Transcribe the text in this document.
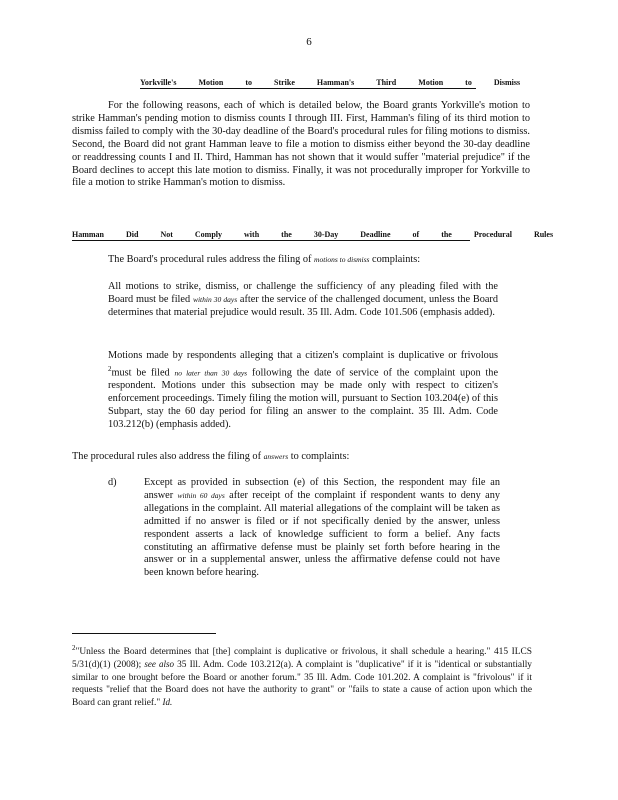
6
Yorkville's	Motion	to	Strike	Hamman's	Third	Motion	to	Dismiss
For the following reasons, each of which is detailed below, the Board grants Yorkville's motion to strike Hamman's pending motion to dismiss counts I through III. First, Hamman's filing of its third motion to dismiss failed to comply with the 30-day deadline of the Board's procedural rules for filing motions to dismiss. Second, the Board did not grant Hamman leave to file a motion to dismiss either beyond the 30-day deadline or readdressing counts I and II. Third, Hamman has not shown that it would suffer "material prejudice" if the Board declines to accept this late motion to dismiss. Finally, it was not procedurally improper for Yorkville to file a motion to strike Hamman's motion to dismiss.
Hamman	Did	Not	Comply	with	the	30-Day	Deadline	of	the	Procedural	Rules
The Board's procedural rules address the filing of motions to dismiss complaints:
All motions to strike, dismiss, or challenge the sufficiency of any pleading filed with the Board must be filed within 30 days after the service of the challenged document, unless the Board determines that material prejudice would result. 35 Ill. Adm. Code 101.506 (emphasis added).
Motions made by respondents alleging that a citizen's complaint is duplicative or frivolous $^2$must be filed no later than 30 days following the date of service of the complaint upon the respondent. Motions under this subsection may be made only with respect to citizen's enforcement proceedings. Timely filing the motion will, pursuant to Section 103.204(e) of this Subpart, stay the 60 day period for filing an answer to the complaint. 35 Ill. Adm. Code 103.212(b) (emphasis added).
The procedural rules also address the filing of answers to complaints:
d)	Except as provided in subsection (e) of this Section, the respondent may file an answer within 60 days after receipt of the complaint if respondent wants to deny any allegations in the complaint. All material allegations of the complaint will be taken as admitted if no answer is filed or if not specifically denied by the answer, unless respondent asserts a lack of knowledge sufficient to form a belief. Any facts constituting an affirmative defense must be plainly set forth before hearing in the answer or in a supplemental answer, unless the affirmative defense could not have been known before hearing.
$^2$"Unless the Board determines that [the] complaint is duplicative or frivolous, it shall schedule a hearing." 415 ILCS 5/31(d)(1) (2008); see also 35 Ill. Adm. Code 103.212(a). A complaint is "duplicative" if it is "identical or substantially similar to one brought before the Board or another forum." 35 Ill. Adm. Code 101.202. A complaint is "frivolous" if it requests "relief that the Board does not have the authority to grant" or "fails to state a cause of action upon which the Board can grant relief." Id.
